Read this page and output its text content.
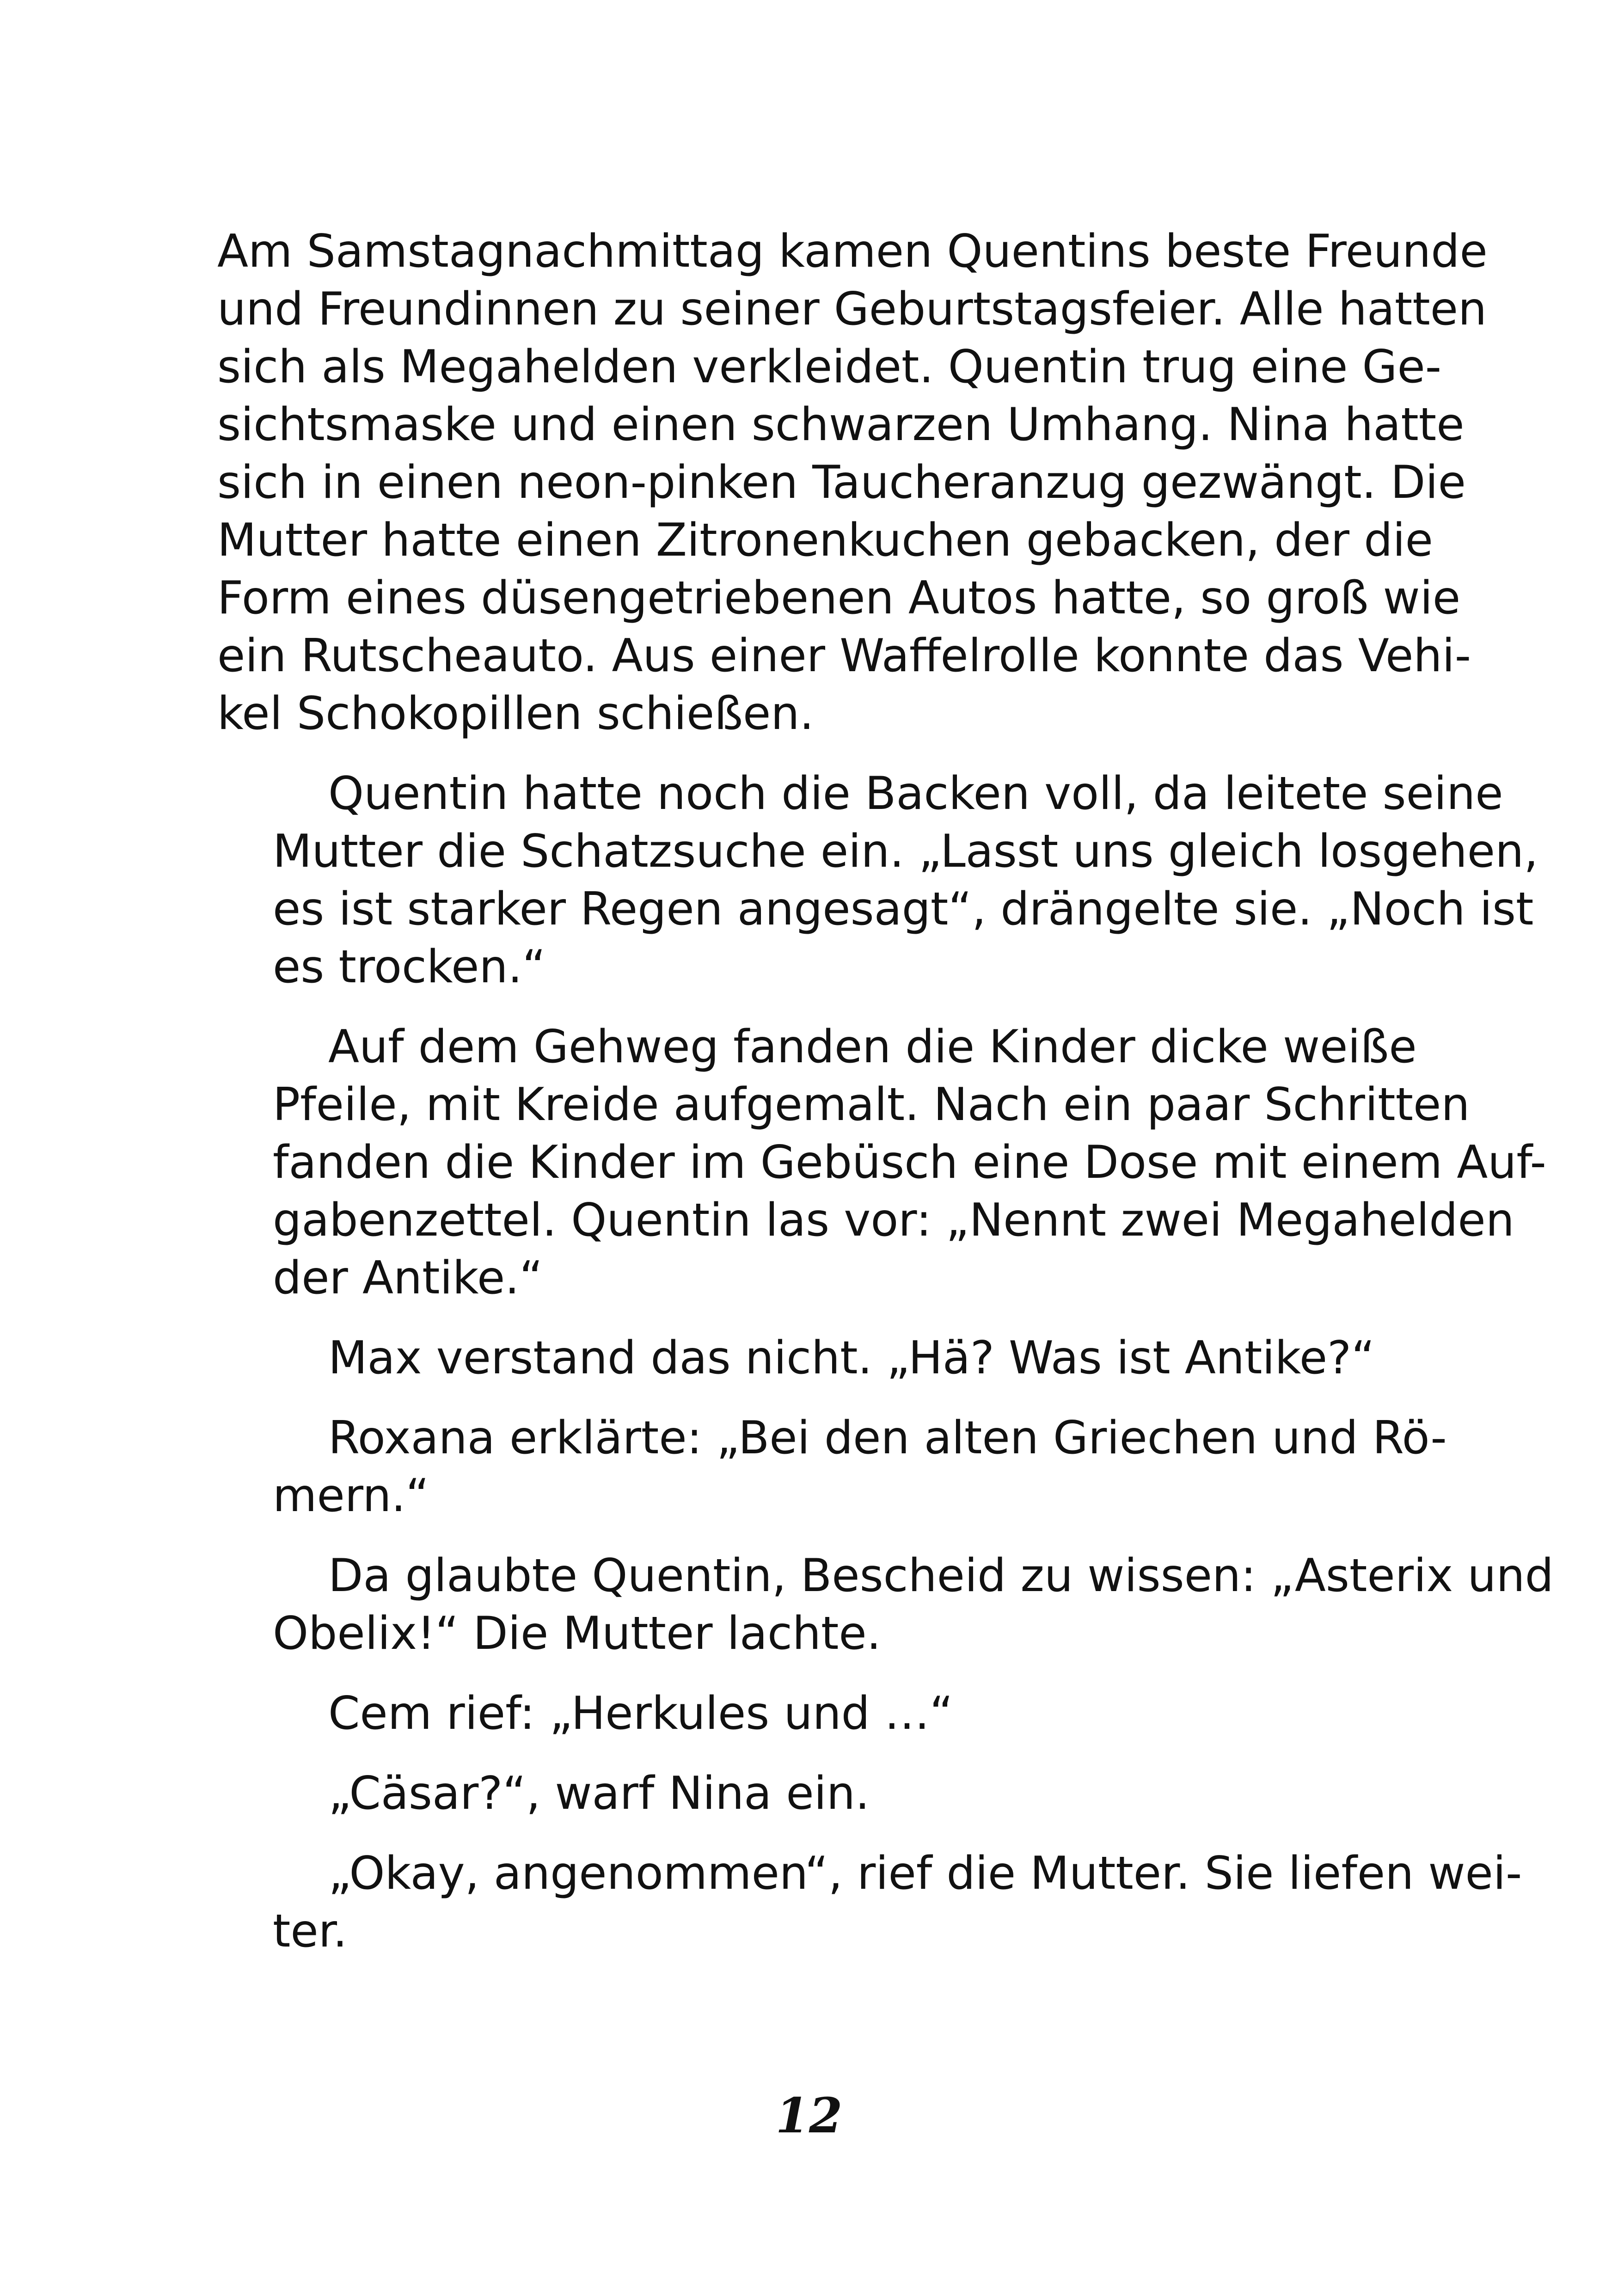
Am Samstagnachmittag kamen Quentins beste Freunde
und Freundinnen zu seiner Geburtstagsfeier. Alle hatten
sich als Megahelden verkleidet. Quentin trug eine Ge-
sichtsmaske und einen schwarzen Umhang. Nina hatte
sich in einen neon-pinken Taucheranzug gezwängt. Die
Mutter hatte einen Zitronenkuchen gebacken, der die
Form eines düsengetriebenen Autos hatte, so groß wie
ein Rutscheauto. Aus einer Waffelrolle konnte das Vehi-
kel Schokopillen schießen.
Quentin hatte noch die Backen voll, da leitete seine
Mutter die Schatzsuche ein. „Lasst uns gleich losgehen,
es ist starker Regen angesagt“, drängelte sie. „Noch ist
es trocken.“
Auf dem Gehweg fanden die Kinder dicke weiße
Pfeile, mit Kreide aufgemalt. Nach ein paar Schritten
fanden die Kinder im Gebüsch eine Dose mit einem Auf-
gabenzettel. Quentin las vor: „Nennt zwei Megahelden
der Antike.“
Max verstand das nicht. „Hä? Was ist Antike?“
Roxana erklärte: „Bei den alten Griechen und Rö-
mern.“
Da glaubte Quentin, Bescheid zu wissen: „Asterix und
Obelix!“ Die Mutter lachte.
Cem rief: „Herkules und …“
„Cäsar?“, warf Nina ein.
„Okay, angenommen“, rief die Mutter. Sie liefen wei-
ter.
12
